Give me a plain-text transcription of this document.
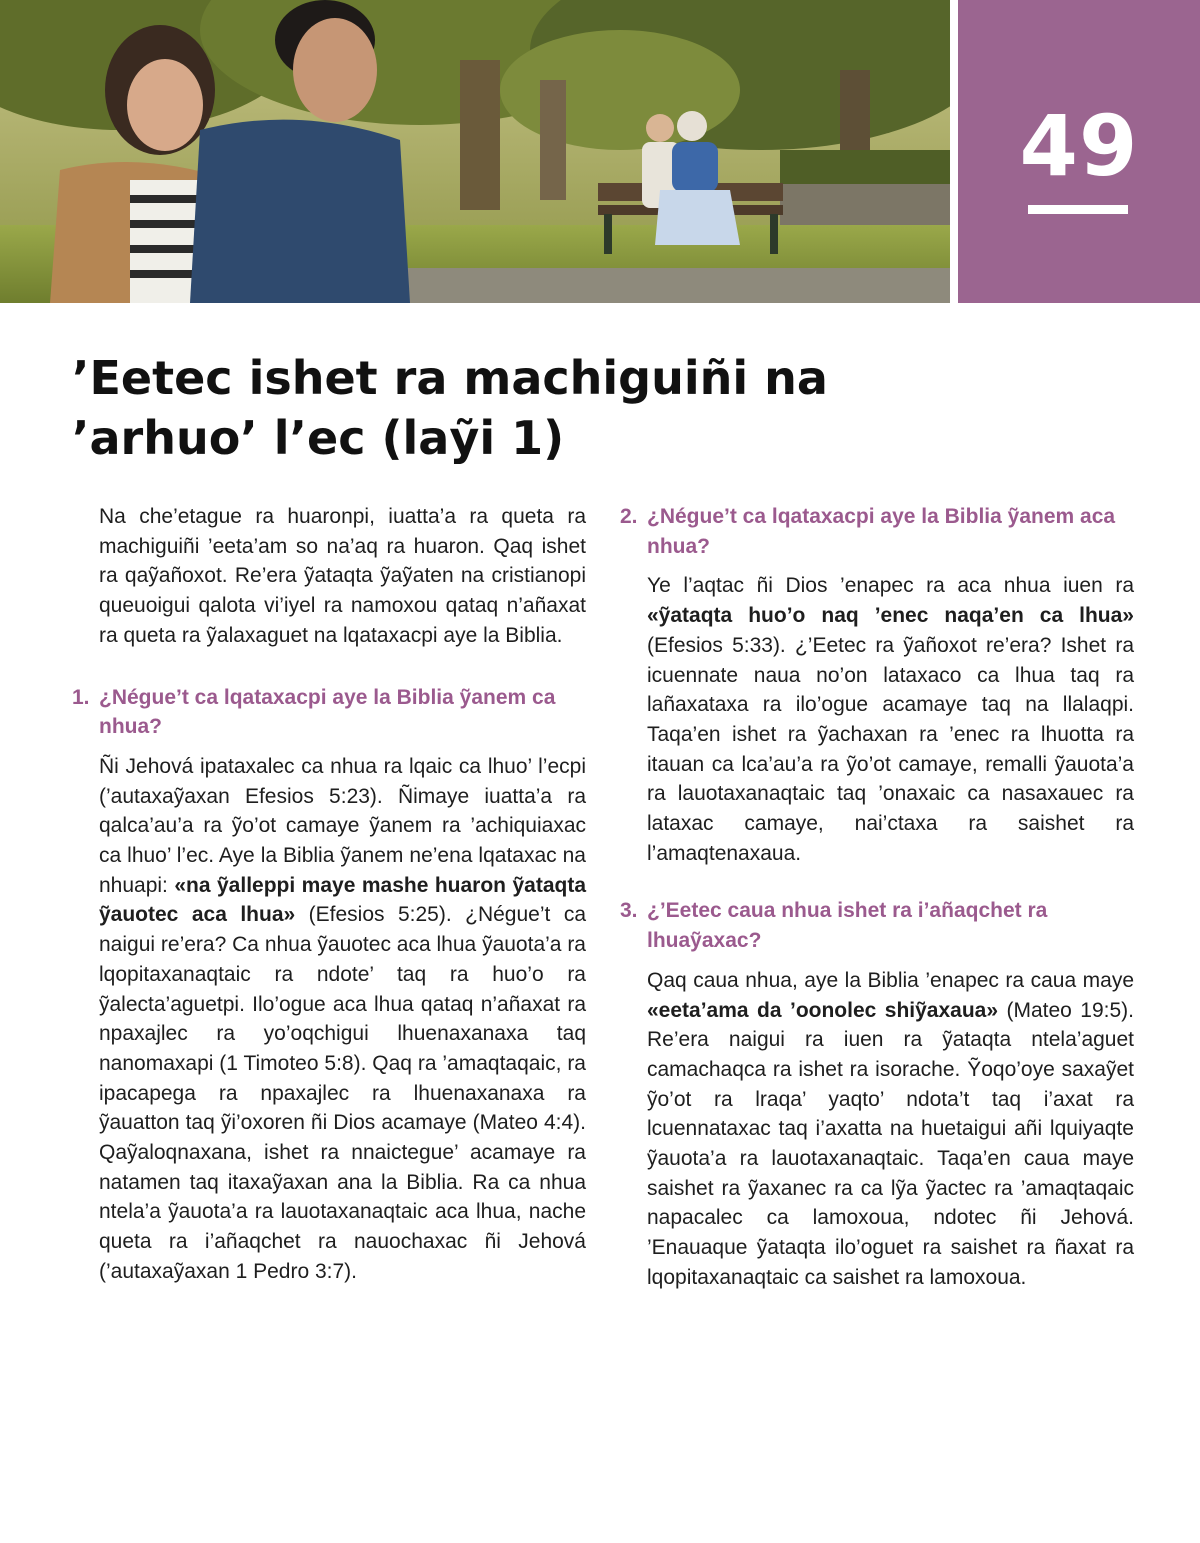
49
’Eetec ishet ra machiguiñi na
’arhuo’ l’ec (laỹi 1)

Na che’etague ra huaronpi, iuatta’a ra queta ra machiguiñi ’eeta’am so na’aq ra huaron. Qaq ishet ra qaỹañoxot. Re’era ỹataqta ỹaỹaten na cristianopi queuoigui qalota vi’iyel ra namoxou qataq n’añaxat ra queta ra ỹalaxaguet na lqataxacpi aye la Biblia.

1. ¿Négue’t ca lqataxacpi aye la Biblia ỹanem ca nhua?

Ñi Jehová ipataxalec ca nhua ra lqaic ca lhuo’ l’ecpi (’autaxaỹaxan Efesios 5:23). Ñimaye iuatta’a ra qalca’au’a ra ỹo’ot camaye ỹanem ra ’achiquiaxac ca lhuo’ l’ec. Aye la Biblia ỹanem ne’ena lqataxac na nhuapi: «na ỹalleppi maye mashe huaron ỹataqta ỹauotec aca lhua» (Efesios 5:25). ¿Négue’t ca naigui re’era? Ca nhua ỹauotec aca lhua ỹauota’a ra lqopitaxanaqtaic ra ndote’ taq ra huo’o ra ỹalecta’aguetpi. Ilo’ogue aca lhua qataq n’añaxat ra npaxajlec ra yo’oqchigui lhuenaxanaxa taq nanomaxapi (1 Timoteo 5:8). Qaq ra ’amaqtaqaic, ra ipacapega ra npaxajlec ra lhuenaxanaxa ra ỹauatton taq ỹi’oxoren ñi Dios acamaye (Mateo 4:4). Qaỹaloqnaxana, ishet ra nnaictegue’ acamaye ra natamen taq itaxaỹaxan ana la Biblia. Ra ca nhua ntela’a ỹauota’a ra lauotaxanaqtaic aca lhua, nache queta ra i’añaqchet ra nauochaxac ñi Jehová (’autaxaỹaxan 1 Pedro 3:7).

2. ¿Négue’t ca lqataxacpi aye la Biblia ỹanem aca nhua?

Ye l’aqtac ñi Dios ’enapec ra aca nhua iuen ra «ỹataqta huo’o naq ’enec naqa’en ca lhua» (Efesios 5:33). ¿’Eetec ra ỹañoxot re’era? Ishet ra icuennate naua no’on lataxaco ca lhua taq ra lañaxataxa ra ilo’ogue acamaye taq na llalaqpi. Taqa’en ishet ra ỹachaxan ra ’enec ra lhuotta ra itauan ca lca’au’a ra ỹo’ot camaye, remalli ỹauota’a ra lauotaxanaqtaic taq ’onaxaic ca nasaxauec ra lataxac camaye, nai’ctaxa ra saishet ra l’amaqtenaxaua.

3. ¿’Eetec caua nhua ishet ra i’añaqchet ra lhuaỹaxac?

Qaq caua nhua, aye la Biblia ’enapec ra caua maye «eeta’ama da ’oonolec shiỹaxaua» (Mateo 19:5). Re’era naigui ra iuen ra ỹataqta ntela’aguet camachaqca ra ishet ra isorache. Ỹoqo’oye saxaỹet ỹo’ot ra lraqa’ yaqto’ ndota’t taq i’axat ra lcuennataxac taq i’axatta na huetaigui añi lquiyaqte ỹauota’a ra lauotaxanaqtaic. Taqa’en caua maye saishet ra ỹaxanec ra ca lỹa ỹactec ra ’amaqtaqaic napacalec ca lamoxoua, ndotec ñi Jehová. ’Enauaque ỹataqta ilo’oguet ra saishet ra ñaxat ra lqopitaxanaqtaic ca saishet ra lamoxoua.
